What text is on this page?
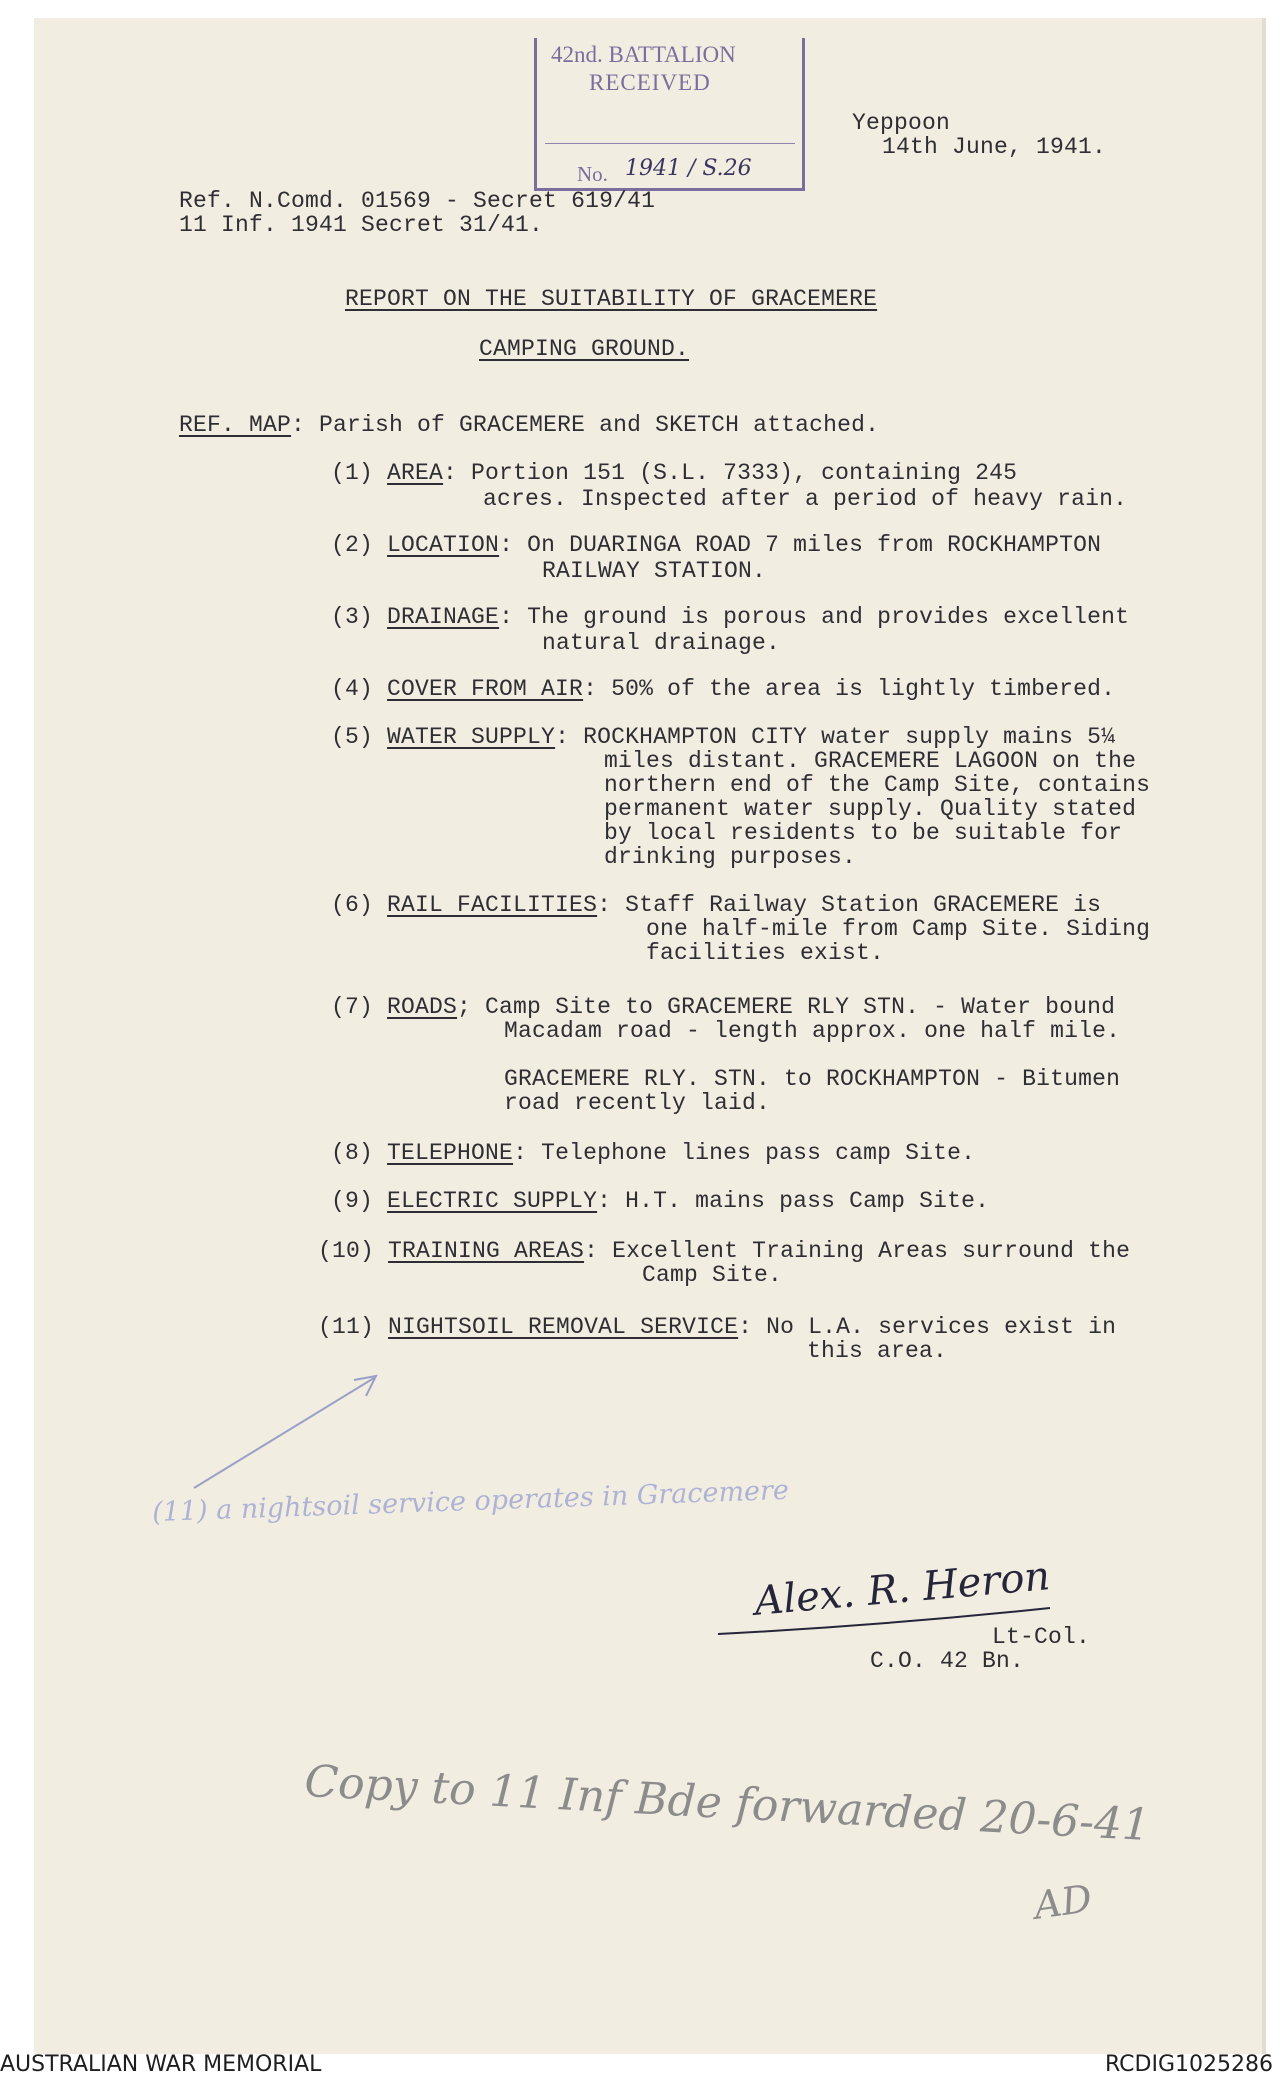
42nd. BATTALION
RECEIVED
No. 1941 / S.26
Yeppoon
14th June, 1941.
Ref. N.Comd. 01569 - Secret 619/41
11 Inf. 1941 Secret 31/41.
REPORT ON THE SUITABILITY OF GRACEMERE
CAMPING GROUND.
REF. MAP: Parish of GRACEMERE and SKETCH attached.
(1) AREA: Portion 151 (S.L. 7333), containing 245
acres. Inspected after a period of heavy rain.
(2) LOCATION: On DUARINGA ROAD 7 miles from ROCKHAMPTON
RAILWAY STATION.
(3) DRAINAGE: The ground is porous and provides excellent
natural drainage.
(4) COVER FROM AIR: 50% of the area is lightly timbered.
(5) WATER SUPPLY: ROCKHAMPTON CITY water supply mains 5¼
miles distant. GRACEMERE LAGOON on the
northern end of the Camp Site, contains
permanent water supply. Quality stated
by local residents to be suitable for
drinking purposes.
(6) RAIL FACILITIES: Staff Railway Station GRACEMERE is
one half-mile from Camp Site. Siding
facilities exist.
(7) ROADS; Camp Site to GRACEMERE RLY STN. - Water bound
Macadam road - length approx. one half mile.
GRACEMERE RLY. STN. to ROCKHAMPTON - Bitumen
road recently laid.
(8) TELEPHONE: Telephone lines pass camp Site.
(9) ELECTRIC SUPPLY: H.T. mains pass Camp Site.
(10) TRAINING AREAS: Excellent Training Areas surround the
Camp Site.
(11) NIGHTSOIL REMOVAL SERVICE: No L.A. services exist in
this area.
(11) a nightsoil service operates in Gracemere
Alex. R. Heron
Lt-Col.
C.O. 42 Bn.
Copy to 11 Inf Bde forwarded 20-6-41
AD
AUSTRALIAN WAR MEMORIAL	RCDIG1025286
